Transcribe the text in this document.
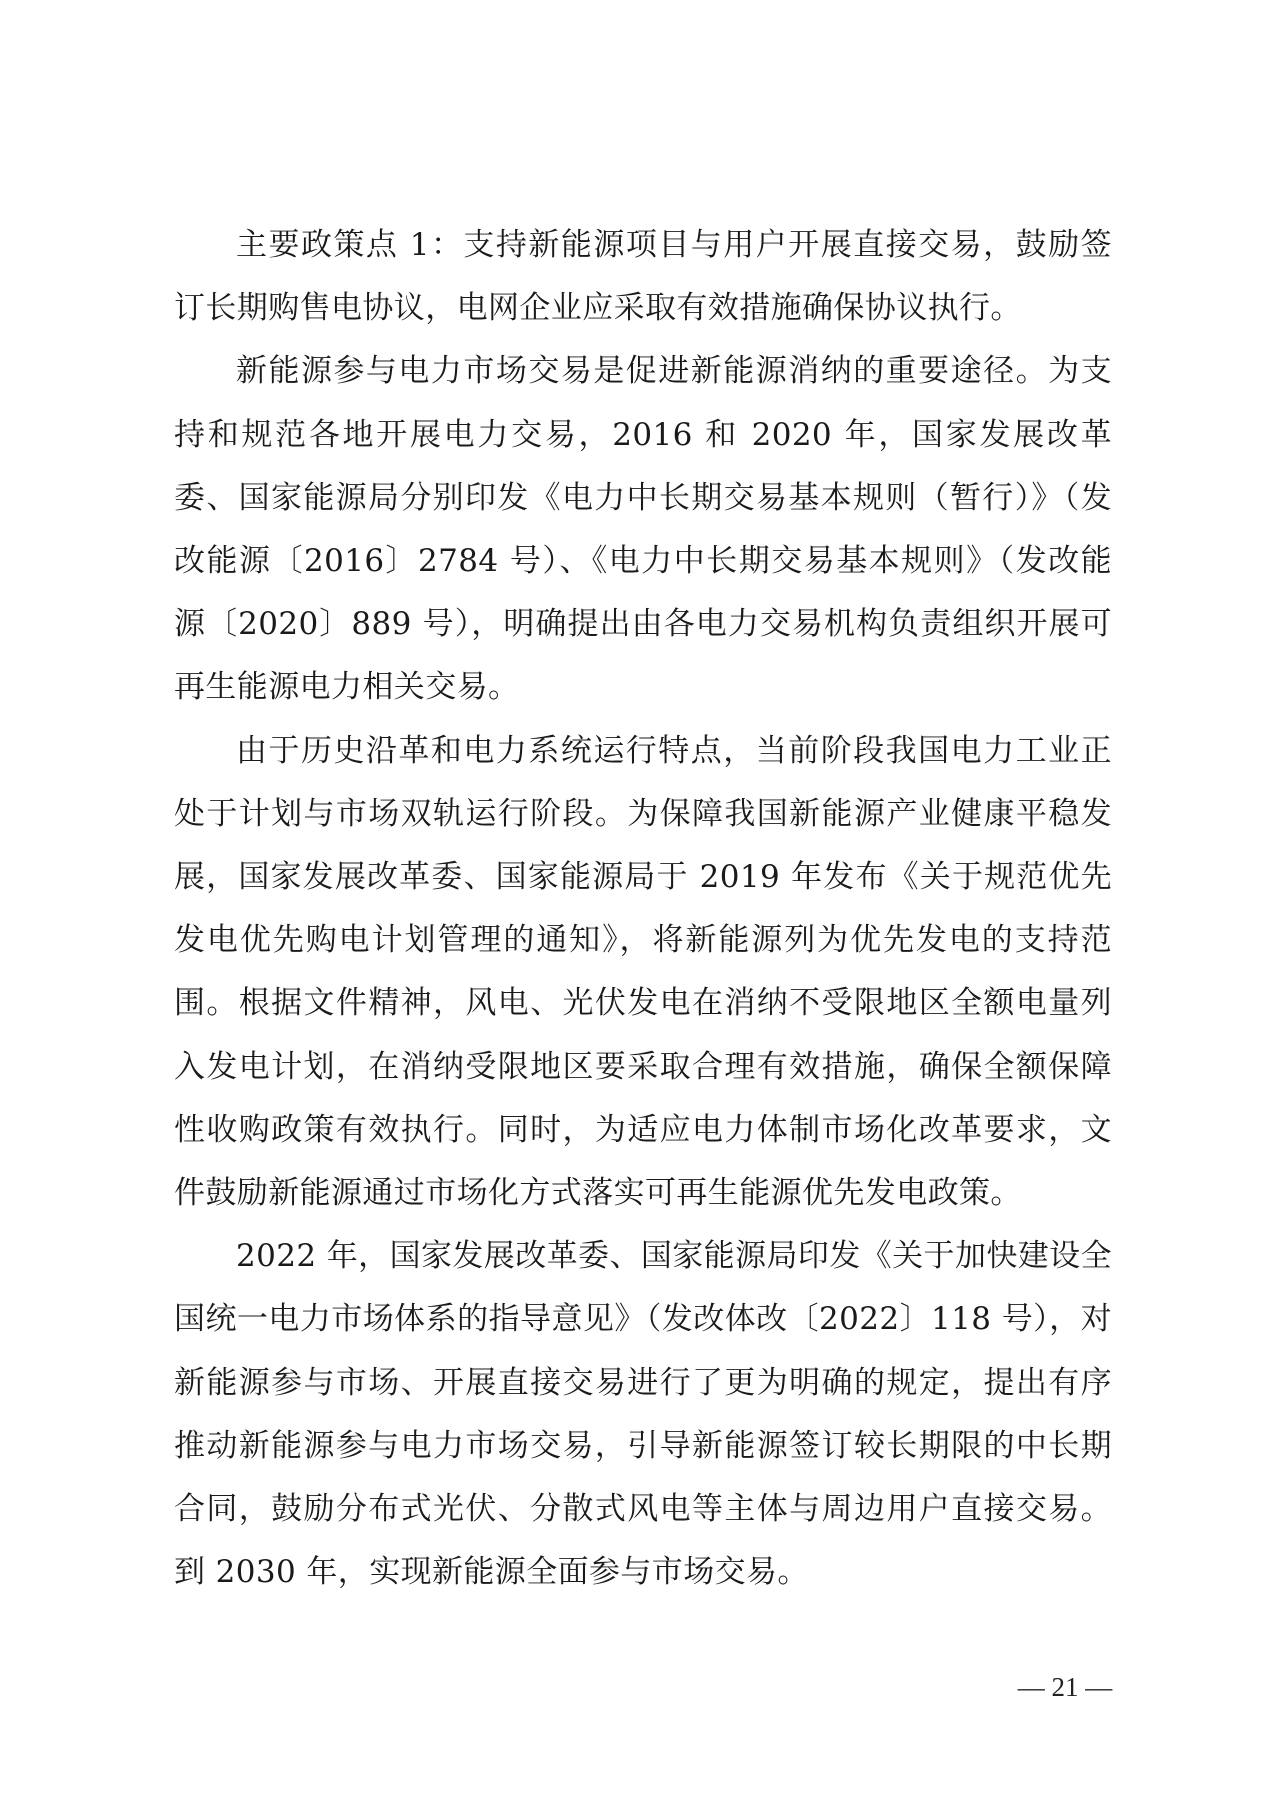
主要政策点 1：支持新能源项目与用户开展直接交易，鼓励签订长期购售电协议，电网企业应采取有效措施确保协议执行。

新能源参与电力市场交易是促进新能源消纳的重要途径。为支持和规范各地开展电力交易，2016 和 2020 年，国家发展改革委、国家能源局分别印发《电力中长期交易基本规则（暂行）》（发改能源〔2016〕2784 号）、《电力中长期交易基本规则》（发改能源〔2020〕889 号），明确提出由各电力交易机构负责组织开展可再生能源电力相关交易。

由于历史沿革和电力系统运行特点，当前阶段我国电力工业正处于计划与市场双轨运行阶段。为保障我国新能源产业健康平稳发展，国家发展改革委、国家能源局于 2019 年发布《关于规范优先发电优先购电计划管理的通知》，将新能源列为优先发电的支持范围。根据文件精神，风电、光伏发电在消纳不受限地区全额电量列入发电计划，在消纳受限地区要采取合理有效措施，确保全额保障性收购政策有效执行。同时，为适应电力体制市场化改革要求，文件鼓励新能源通过市场化方式落实可再生能源优先发电政策。

2022 年，国家发展改革委、国家能源局印发《关于加快建设全国统一电力市场体系的指导意见》（发改体改〔2022〕118 号），对新能源参与市场、开展直接交易进行了更为明确的规定，提出有序推动新能源参与电力市场交易，引导新能源签订较长期限的中长期合同，鼓励分布式光伏、分散式风电等主体与周边用户直接交易。到 2030 年，实现新能源全面参与市场交易。

— 21 —
